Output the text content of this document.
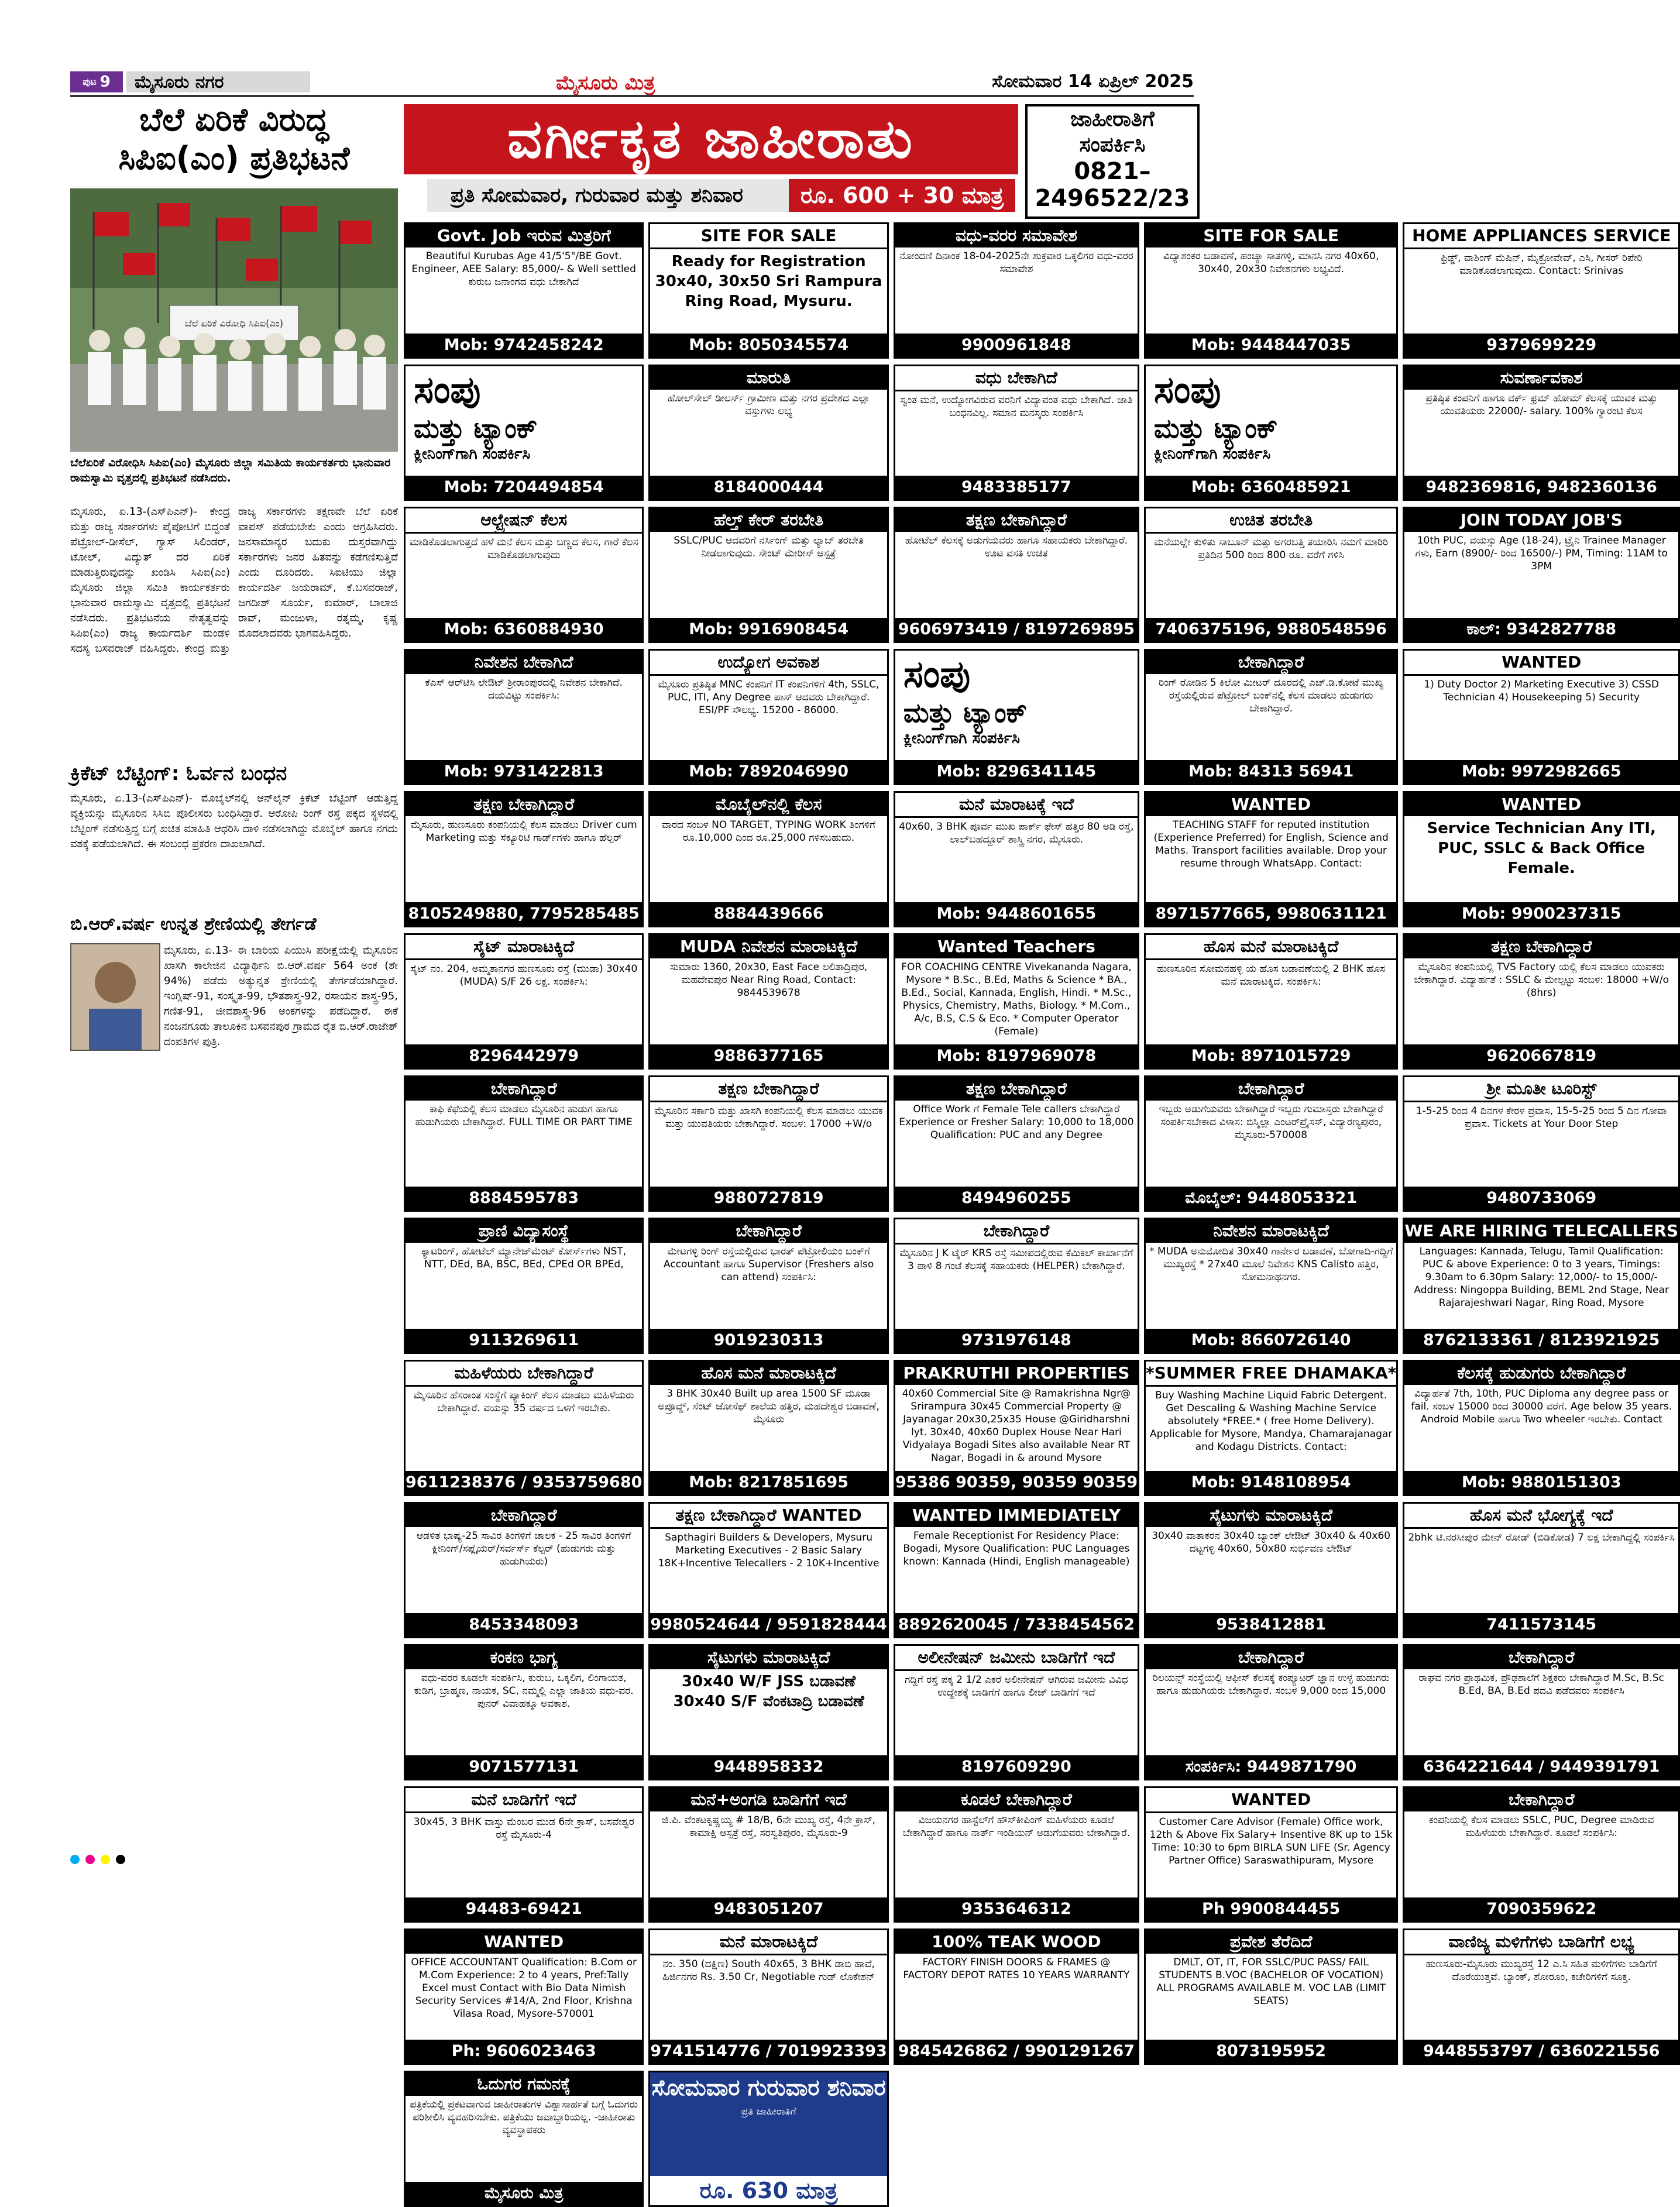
ಪುಟ 9	ಮೈಸೂರು ನಗರ	ಮೈಸೂರು ಮಿತ್ರ	ಸೋಮವಾರ 14 ಏಪ್ರಿಲ್ 2025
ಬೆಲೆ ಏರಿಕೆ ವಿರುದ್ಧ
ಸಿಪಿಐ(ಎಂ) ಪ್ರತಿಭಟನೆ
ಬೆಲೆ ಏರಿಕೆ ವಿರೋಧಿ ಸಿಪಿಐ(ಎಂ)
ಬೆಲೆಏರಿಕೆ ವಿರೋಧಿಸಿ ಸಿಪಿಐ(ಎಂ) ಮೈಸೂರು ಜಿಲ್ಲಾ ಸಮಿತಿಯ ಕಾರ್ಯಕರ್ತರು ಭಾನುವಾರ ರಾಮಸ್ವಾಮಿ ವೃತ್ತದಲ್ಲಿ ಪ್ರತಿಭಟನೆ ನಡೆಸಿದರು.
ಮೈಸೂರು, ಏ.13-(ಎಸ್‌ಪಿಎನ್)- ಕೇಂದ್ರ ಮತ್ತು ರಾಜ್ಯ ಸರ್ಕಾರಗಳು ಪೈಪೋಟಿಗೆ ಬಿದ್ದಂತೆ ಪೆಟ್ರೋಲ್-ಡೀಸೆಲ್, ಗ್ಯಾಸ್ ಸಿಲಿಂಡರ್, ಟೋಲ್, ವಿದ್ಯುತ್ ದರ ಏರಿಕೆ ಮಾಡುತ್ತಿರುವುದನ್ನು ಖಂಡಿಸಿ ಸಿಪಿಐ(ಎಂ) ಮೈಸೂರು ಜಿಲ್ಲಾ ಸಮಿತಿ ಕಾರ್ಯಕರ್ತರು ಭಾನುವಾರ ರಾಮಸ್ವಾಮಿ ವೃತ್ತದಲ್ಲಿ ಪ್ರತಿಭಟನೆ ನಡೆಸಿದರು. ಪ್ರತಿಭಟನೆಯ ನೇತೃತ್ವವನ್ನು ಸಿಪಿಐ(ಎಂ) ರಾಜ್ಯ ಕಾರ್ಯದರ್ಶಿ ಮಂಡಳಿ ಸದಸ್ಯ ಬಸವರಾಜ್ ವಹಿಸಿದ್ದರು. ಕೇಂದ್ರ ಮತ್ತು ರಾಜ್ಯ ಸರ್ಕಾರಗಳು ತಕ್ಷಣವೇ ಬೆಲೆ ಏರಿಕೆ ವಾಪಸ್ ಪಡೆಯಬೇಕು ಎಂದು ಆಗ್ರಹಿಸಿದರು. ಜನಸಾಮಾನ್ಯರ ಬದುಕು ದುಸ್ತರವಾಗಿದ್ದು ಸರ್ಕಾರಗಳು ಜನರ ಹಿತವನ್ನು ಕಡೆಗಣಿಸುತ್ತಿವೆ ಎಂದು ದೂರಿದರು. ಸಿಐಟಿಯು ಜಿಲ್ಲಾ ಕಾರ್ಯದರ್ಶಿ ಜಯರಾಮ್, ಕೆ.ಬಸವರಾಜ್, ಜಗದೀಶ್ ಸೂರ್ಯ, ಕುಮಾರ್, ಬಾಲಾಜಿ ರಾವ್, ಮಂಜುಳಾ, ರತ್ನಮ್ಮ, ಕೃಷ್ಣ ಮೊದಲಾದವರು ಭಾಗವಹಿಸಿದ್ದರು.
ಕ್ರಿಕೆಟ್ ಬೆಟ್ಟಿಂಗ್: ಓರ್ವನ ಬಂಧನ
ಮೈಸೂರು, ಏ.13-(ಎಸ್‌ಪಿಎನ್)- ಮೊಬೈಲ್‌ನಲ್ಲಿ ಆನ್‌ಲೈನ್ ಕ್ರಿಕೆಟ್ ಬೆಟ್ಟಿಂಗ್ ಆಡುತ್ತಿದ್ದ ವ್ಯಕ್ತಿಯನ್ನು ಮೈಸೂರಿನ ಸಿಸಿಬಿ ಪೊಲೀಸರು ಬಂಧಿಸಿದ್ದಾರೆ. ಆರೋಪಿ ರಿಂಗ್ ರಸ್ತೆ ಪಕ್ಕದ ಸ್ಥಳದಲ್ಲಿ ಬೆಟ್ಟಿಂಗ್ ನಡೆಸುತ್ತಿದ್ದ ಬಗ್ಗೆ ಖಚಿತ ಮಾಹಿತಿ ಆಧರಿಸಿ ದಾಳಿ ನಡೆಸಲಾಗಿದ್ದು ಮೊಬೈಲ್ ಹಾಗೂ ನಗದು ವಶಕ್ಕೆ ಪಡೆಯಲಾಗಿದೆ. ಈ ಸಂಬಂಧ ಪ್ರಕರಣ ದಾಖಲಾಗಿದೆ.
ಬಿ.ಆರ್.ವರ್ಷ ಉನ್ನತ ಶ್ರೇಣಿಯಲ್ಲಿ ತೇರ್ಗಡೆ
ಮೈಸೂರು, ಏ.13- ಈ ಬಾರಿಯ ಪಿಯುಸಿ ಪರೀಕ್ಷೆಯಲ್ಲಿ ಮೈಸೂರಿನ ಖಾಸಗಿ ಕಾಲೇಜಿನ ವಿದ್ಯಾರ್ಥಿನಿ ಬಿ.ಆರ್.ವರ್ಷ 564 ಅಂಕ (ಶೇ 94%) ಪಡೆದು ಅತ್ಯುನ್ನತ ಶ್ರೇಣಿಯಲ್ಲಿ ತೇರ್ಗಡೆಯಾಗಿದ್ದಾರೆ. ಇಂಗ್ಲಿಷ್-91, ಸಂಸ್ಕೃತ-99, ಭೌತಶಾಸ್ತ್ರ-92, ರಸಾಯನ ಶಾಸ್ತ್ರ-95, ಗಣಿತ-91, ಜೀವಶಾಸ್ತ್ರ-96 ಅಂಕಗಳನ್ನು ಪಡೆದಿದ್ದಾರೆ. ಈಕೆ ನಂಜನಗೂಡು ತಾಲೂಕಿನ ಬಸವನಪುರ ಗ್ರಾಮದ ರೈತ ಬಿ.ಆರ್.ರಾಜೇಶ್ ದಂಪತಿಗಳ ಪುತ್ರಿ.
ವರ್ಗೀಕೃತ ಜಾಹೀರಾತು
ಪ್ರತಿ ಸೋಮವಾರ, ಗುರುವಾರ ಮತ್ತು ಶನಿವಾರ	ರೂ. 600 + 30 ಮಾತ್ರ
ಜಾಹೀರಾತಿಗೆ
ಸಂಪರ್ಕಿಸಿ
0821–
2496522/23
Govt. Job ಇರುವ ಮಿತ್ರರಿಗೆ
Beautiful Kurubas Age 41/5'5"/BE Govt. Engineer, AEE Salary: 85,000/- & Well settled ಕುರುಬ ಜನಾಂಗದ ವಧು ಬೇಕಾಗಿದೆ
Mob: 9742458242
SITE FOR SALE
Ready for Registration 30x40, 30x50 Sri Rampura Ring Road, Mysuru.
Mob: 8050345574
ವಧು-ವರರ ಸಮಾವೇಶ
ನೋಂದಣಿ ದಿನಾಂಕ 18-04-2025ನೇ ಶುಕ್ರವಾರ ಒಕ್ಕಲಿಗರ ವಧು-ವರರ ಸಮಾವೇಶ
9900961848
SITE FOR SALE
ವಿದ್ಯಾಶಂಕರ ಬಡಾವಣೆ, ಹಂಚ್ಯಾ ಸಾತಗಳ್ಳಿ, ಮಾನಸಿ ನಗರ 40x60, 30x40, 20x30 ನಿವೇಶನಗಳು ಲಭ್ಯವಿದೆ.
Mob: 9448447035
HOME APPLIANCES SERVICE
ಫ್ರಿಡ್ಜ್, ವಾಶಿಂಗ್ ಮೆಷಿನ್, ಮೈಕ್ರೋವೇವ್, ಎಸಿ, ಗೀಸರ್ ರಿಪೇರಿ ಮಾಡಿಕೊಡಲಾಗುವುದು. Contact: Srinivas
9379699229
ಸಂಪು
ಮತ್ತು ಟ್ಯಾಂಕ್
ಕ್ಲೀನಿಂಗ್‌ಗಾಗಿ ಸಂಪರ್ಕಿಸಿ
Mob: 7204494854
ಮಾರುತಿ
ಹೋಲ್‌ಸೇಲ್ ಡೀಲರ್ಸ್ ಗ್ರಾಮೀಣ ಮತ್ತು ನಗರ ಪ್ರದೇಶದ ಎಲ್ಲಾ ವಸ್ತುಗಳು ಲಭ್ಯ
8184000444
ವಧು ಬೇಕಾಗಿದೆ
ಸ್ವಂತ ಮನೆ, ಉದ್ಯೋಗವಿರುವ ವರನಿಗೆ ವಿದ್ಯಾವಂತ ವಧು ಬೇಕಾಗಿದೆ. ಜಾತಿ ಬಂಧನವಿಲ್ಲ. ಸಮಾನ ಮನಸ್ಕರು ಸಂಪರ್ಕಿಸಿ
9483385177
ಸಂಪು
ಮತ್ತು ಟ್ಯಾಂಕ್
ಕ್ಲೀನಿಂಗ್‌ಗಾಗಿ ಸಂಪರ್ಕಿಸಿ
Mob: 6360485921
ಸುವರ್ಣಾವಕಾಶ
ಪ್ರತಿಷ್ಠಿತ ಕಂಪನಿಗೆ ಹಾಗೂ ವರ್ಕ್ ಫ್ರಮ್ ಹೋಮ್ ಕೆಲಸಕ್ಕೆ ಯುವಕ ಮತ್ತು ಯುವತಿಯರು 22000/- salary. 100% ಗ್ಯಾರಂಟಿ ಕೆಲಸ
9482369816, 9482360136
ಆಲ್ಟ್ರೇಷನ್ ಕೆಲಸ
ಮಾಡಿಕೊಡಲಾಗುತ್ತದೆ ಹಳೆ ಮನೆ ಕೆಲಸ ಮತ್ತು ಬಣ್ಣದ ಕೆಲಸ, ಗಾರೆ ಕೆಲಸ ಮಾಡಿಕೊಡಲಾಗುವುದು
Mob: 6360884930
ಹೆಲ್ತ್ ಕೇರ್ ತರಬೇತಿ
SSLC/PUC ಆದವರಿಗೆ ನರ್ಸಿಂಗ್ ಮತ್ತು ಲ್ಯಾಬ್ ತರಬೇತಿ ನೀಡಲಾಗುವುದು. ಸೇಂಟ್ ಮೇರೀಸ್ ಆಸ್ಪತ್ರೆ
Mob: 9916908454
ತಕ್ಷಣ ಬೇಕಾಗಿದ್ದಾರೆ
ಹೋಟೆಲ್ ಕೆಲಸಕ್ಕೆ ಅಡುಗೆಯವರು ಹಾಗೂ ಸಹಾಯಕರು ಬೇಕಾಗಿದ್ದಾರೆ. ಊಟ ವಸತಿ ಉಚಿತ
9606973419 / 8197269895
ಉಚಿತ ತರಬೇತಿ
ಮನೆಯಲ್ಲೇ ಕುಳಿತು ಸಾಬೂನ್ ಮತ್ತು ಅಗರಬತ್ತಿ ತಯಾರಿಸಿ ನಮಗೆ ಮಾರಿರಿ ಪ್ರತಿದಿನ 500 ರಿಂದ 800 ರೂ. ವರೆಗೆ ಗಳಿಸಿ
7406375196, 9880548596
JOIN TODAY JOB'S
10th PUC, ವಯಸ್ಸು Age (18-24), ಟ್ರೈನಿ Trainee Manager ಗಳು, Earn (8900/- ರಿಂದ 16500/-) PM, Timing: 11AM to 3PM
ಕಾಲ್: 9342827788
ನಿವೇಶನ ಬೇಕಾಗಿದೆ
ಕೆಎಸ್ ಆರ್‌ಟಿಸಿ ಲೇಔಟ್ ಶ್ರೀರಾಂಪುರದಲ್ಲಿ ನಿವೇಶನ ಬೇಕಾಗಿದೆ. ದಯವಿಟ್ಟು ಸಂಪರ್ಕಿಸಿ:
Mob: 9731422813
ಉದ್ಯೋಗ ಅವಕಾಶ
ಮೈಸೂರು ಪ್ರತಿಷ್ಠಿತ MNC ಕಂಪನಿಗೆ IT ಕಂಪನಿಗಳಿಗೆ 4th, SSLC, PUC, ITI, Any Degree ಪಾಸ್ ಆದವರು ಬೇಕಾಗಿದ್ದಾರೆ. ESI/PF ಸೌಲಭ್ಯ. 15200 - 86000.
Mob: 7892046990
ಸಂಪು
ಮತ್ತು ಟ್ಯಾಂಕ್
ಕ್ಲೀನಿಂಗ್‌ಗಾಗಿ ಸಂಪರ್ಕಿಸಿ
Mob: 8296341145
ಬೇಕಾಗಿದ್ದಾರೆ
ರಿಂಗ್ ರೋಡಿನ 5 ಕಿಲೋ ಮೀಟರ್ ದೂರದಲ್ಲಿ ಎಚ್.ಡಿ.ಕೋಟೆ ಮುಖ್ಯ ರಸ್ತೆಯಲ್ಲಿರುವ ಪೆಟ್ರೋಲ್ ಬಂಕ್‌ನಲ್ಲಿ ಕೆಲಸ ಮಾಡಲು ಹುಡುಗರು ಬೇಕಾಗಿದ್ದಾರೆ.
Mob: 84313 56941
WANTED
1) Duty Doctor 2) Marketing Executive 3) CSSD Technician 4) Housekeeping 5) Security
Mob: 9972982665
ತಕ್ಷಣ ಬೇಕಾಗಿದ್ದಾರೆ
ಮೈಸೂರು, ಹುಣಸೂರು ಕಂಪನಿಯಲ್ಲಿ ಕೆಲಸ ಮಾಡಲು Driver cum Marketing ಮತ್ತು ಸೆಕ್ಯೂರಿಟಿ ಗಾರ್ಡ್‌ಗಳು ಹಾಗೂ ಹೆಲ್ಪರ್
8105249880, 7795285485
ಮೊಬೈಲ್‌ನಲ್ಲಿ ಕೆಲಸ
ವಾರದ ಸಂಬಳ NO TARGET, TYPING WORK ತಿಂಗಳಿಗೆ ರೂ.10,000 ದಿಂದ ರೂ.25,000 ಗಳಿಸಬಹುದು.
8884439666
ಮನೆ ಮಾರಾಟಕ್ಕೆ ಇದೆ
40x60, 3 BHK ಪೂರ್ವ ಮುಖ ಪಾರ್ಕ್ ಫೇಸ್ ಹತ್ತಿರ 80 ಅಡಿ ರಸ್ತೆ, ಲಾಲ್‌ಬಹದ್ದೂರ್ ಶಾಸ್ತ್ರಿ ನಗರ, ಮೈಸೂರು.
Mob: 9448601655
WANTED
TEACHING STAFF for reputed institution (Experience Preferred) for English, Science and Maths. Transport facilities available. Drop your resume through WhatsApp. Contact:
8971577665, 9980631121
WANTED
Service Technician Any ITI, PUC, SSLC & Back Office Female.
Mob: 9900237315
ಸೈಟ್ ಮಾರಾಟಕ್ಕಿದೆ
ಸೈಟ್ ನಂ. 204, ಅಮ್ಮತಾನಗರ ಹುಣಸೂರು ರಸ್ತೆ (ಮುಡಾ) 30x40 (MUDA) S/F 26 ಲಕ್ಷ. ಸಂಪರ್ಕಿಸಿ:
8296442979
MUDA ನಿವೇಶನ ಮಾರಾಟಕ್ಕಿದೆ
ಸುಮಾರು 1360, 20x30, East Face ಲಲಿತಾದ್ರಿಪುರ, ಮಹದೇವಪುರ Near Ring Road, Contact: 9844539678
9886377165
Wanted Teachers
FOR COACHING CENTRE Vivekananda Nagara, Mysore * B.Sc., B.Ed, Maths & Science * BA., B.Ed., Social, Kannada, English, Hindi. * M.Sc., Physics, Chemistry, Maths, Biology. * M.Com., A/c, B.S, C.S & Eco. * Computer Operator (Female)
Mob: 8197969078
ಹೊಸ ಮನೆ ಮಾರಾಟಕ್ಕಿದೆ
ಹುಣಸೂರಿನ ಸೋಮನಹಳ್ಳಿ ಯ ಹೊಸ ಬಡಾವಣೆಯಲ್ಲಿ 2 BHK ಹೊಸ ಮನೆ ಮಾರಾಟಕ್ಕಿದೆ. ಸಂಪರ್ಕಿಸಿ:
Mob: 8971015729
ತಕ್ಷಣ ಬೇಕಾಗಿದ್ದಾರೆ
ಮೈಸೂರಿನ ಕಂಪನಿಯಲ್ಲಿ TVS Factory ಯಲ್ಲಿ ಕೆಲಸ ಮಾಡಲು ಯುವಕರು ಬೇಕಾಗಿದ್ದಾರೆ. ವಿದ್ಯಾರ್ಹತೆ : SSLC & ಮೇಲ್ಪಟ್ಟು ಸಂಬಳ: 18000 +W/o (8hrs)
9620667819
ಬೇಕಾಗಿದ್ದಾರೆ
ಕಾಫಿ ಕೆಫೆಯಲ್ಲಿ ಕೆಲಸ ಮಾಡಲು ಮೈಸೂರಿನ ಹುಡುಗ ಹಾಗೂ ಹುಡುಗಿಯರು ಬೇಕಾಗಿದ್ದಾರೆ. FULL TIME OR PART TIME
8884595783
ತಕ್ಷಣ ಬೇಕಾಗಿದ್ದಾರೆ
ಮೈಸೂರಿನ ಸರ್ಕಾರಿ ಮತ್ತು ಖಾಸಗಿ ಕಂಪನಿಯಲ್ಲಿ ಕೆಲಸ ಮಾಡಲು ಯುವಕ ಮತ್ತು ಯುವತಿಯರು ಬೇಕಾಗಿದ್ದಾರೆ. ಸಂಬಳ: 17000 +W/o
9880727819
ತಕ್ಷಣ ಬೇಕಾಗಿದ್ದಾರೆ
Office Work ಗೆ Female Tele callers ಬೇಕಾಗಿದ್ದಾರೆ Experience or Fresher Salary: 10,000 to 18,000 Qualification: PUC and any Degree
8494960255
ಬೇಕಾಗಿದ್ದಾರೆ
ಇಬ್ಬರು ಅಡುಗೆಯವರು ಬೇಕಾಗಿದ್ದಾರೆ ಇಬ್ಬರು ಗುಮಾಸ್ತರು ಬೇಕಾಗಿದ್ದಾರೆ ಸಂಪರ್ಕಿಸಬೇಕಾದ ವಿಳಾಸ: ಬಿಸ್ಮಿಲ್ಲಾ ಎಂಟರ್‌ಪ್ರೈಸಸ್, ವಿದ್ಯಾರಣ್ಯಪುರಂ, ಮೈಸೂರು-570008
ಮೊಬೈಲ್: 9448053321
ಶ್ರೀ ಮೂತೀ ಟೂರಿಸ್ಟ್
1-5-25 ರಿಂದ 4 ದಿನಗಳ ಕೇರಳ ಪ್ರವಾಸ, 15-5-25 ರಿಂದ 5 ದಿನ ಗೋವಾ ಪ್ರವಾಸ. Tickets at Your Door Step
9480733069
ಪ್ರಾಣಿ ವಿದ್ಯಾಸಂಸ್ಥೆ
ಕ್ಯಾಟರಿಂಗ್, ಹೋಟೆಲ್ ಮ್ಯಾನೇಜ್‌ಮೆಂಟ್ ಕೋರ್ಸ್‌ಗಳು NST, NTT, DEd, BA, BSC, BEd, CPEd OR BPEd,
9113269611
ಬೇಕಾಗಿದ್ದಾರೆ
ಮೇಟಗಳ್ಳಿ ರಿಂಗ್ ರಸ್ತೆಯಲ್ಲಿರುವ ಭಾರತ್ ಪೆಟ್ರೋಲಿಯಂ ಬಂಕ್‌ಗೆ Accountant ಹಾಗೂ Supervisor (Freshers also can attend) ಸಂಪರ್ಕಿಸಿ:
9019230313
ಬೇಕಾಗಿದ್ದಾರೆ
ಮೈಸೂರಿನ J K ಟೈರ್ KRS ರಸ್ತೆ ಸಮೀಪದಲ್ಲಿರುವ ಕೆಮಿಕಲ್ ಕಾರ್ಖಾನೆಗೆ 3 ಪಾಳಿ 8 ಗಂಟೆ ಕೆಲಸಕ್ಕೆ ಸಹಾಯಕರು (HELPER) ಬೇಕಾಗಿದ್ದಾರೆ.
9731976148
ನಿವೇಶನ ಮಾರಾಟಕ್ಕಿದೆ
* MUDA ಅನುಮೋದಿತ 30x40 ಗಾರ್ನೇರ ಬಡಾವಣೆ, ಬೋಗಾದಿ-ಗದ್ದಿಗೆ ಮುಖ್ಯರಸ್ತೆ * 27x40 ಮೂಲೆ ನಿವೇಶನ KNS Calisto ಹತ್ತಿರ, ಸೋಮನಾಥನಗರ.
Mob: 8660726140
WE ARE HIRING TELECALLERS
Languages: Kannada, Telugu, Tamil Qualification: PUC & above Experience: 0 to 3 years, Timings: 9.30am to 6.30pm Salary: 12,000/- to 15,000/- Address: Ningoppa Building, BEML 2nd Stage, Near Rajarajeshwari Nagar, Ring Road, Mysore
8762133361 / 8123921925
ಮಹಿಳೆಯರು ಬೇಕಾಗಿದ್ದಾರೆ
ಮೈಸೂರಿನ ಹೆಸರಾಂತ ಸಂಸ್ಥೆಗೆ ಪ್ಯಾಕಿಂಗ್ ಕೆಲಸ ಮಾಡಲು ಮಹಿಳೆಯರು ಬೇಕಾಗಿದ್ದಾರೆ. ವಯಸ್ಸು 35 ವರ್ಷದ ಒಳಗೆ ಇರಬೇಕು.
9611238376 / 9353759680
ಹೊಸ ಮನೆ ಮಾರಾಟಕ್ಕಿದೆ
3 BHK 30x40 Built up area 1500 SF ಮೂಡಾ ಅಪ್ರೂವ್ಡ್, ಸೆಂಟ್ ಜೋಸೆಫ್ ಶಾಲೆಯ ಹತ್ತಿರ, ಮಹದೇಶ್ವರ ಬಡಾವಣೆ, ಮೈಸೂರು
Mob: 8217851695
PRAKRUTHI PROPERTIES
40x60 Commercial Site @ Ramakrishna Ngr@ Srirampura 30x45 Commercial Property @ Jayanagar 20x30,25x35 House @Giridharshni lyt. 30x40, 40x60 Duplex House Near Hari Vidyalaya Bogadi Sites also available Near RT Nagar, Bogadi in & around Mysore
95386 90359, 90359 90359
*SUMMER FREE DHAMAKA*
Buy Washing Machine Liquid Fabric Detergent. Get Descaling & Washing Machine Service absolutely *FREE.* ( free Home Delivery). Applicable for Mysore, Mandya, Chamarajanagar and Kodagu Districts. Contact:
Mob: 9148108954
ಕೆಲಸಕ್ಕೆ ಹುಡುಗರು ಬೇಕಾಗಿದ್ದಾರೆ
ವಿದ್ಯಾರ್ಹತೆ 7th, 10th, PUC Diploma any degree pass or fail. ಸಂಬಳ 15000 ರಿಂದ 30000 ವರೆಗೆ. Age below 35 years. Android Mobile ಹಾಗೂ Two wheeler ಇರಬೇಕು. Contact
Mob: 9880151303
ಬೇಕಾಗಿದ್ದಾರೆ
ಆಡಳಿತ ಭಾಷ್ಯ-25 ಸಾವಿರ ತಿಂಗಳಿಗೆ ಚಾಲಕ - 25 ಸಾವಿರ ತಿಂಗಳಿಗೆ ಕ್ಲೀನಿಂಗ್/ಸಪ್ಲೈಯರ್/ಸರ್ವರ್ಸ್ ಕೆಲ್ಪರ್ (ಹುಡುಗರು ಮತ್ತು ಹುಡುಗಿಯರು)
8453348093
ತಕ್ಷಣ ಬೇಕಾಗಿದ್ದಾರೆ WANTED
Sapthagiri Builders & Developers, Mysuru Marketing Executives - 2 Basic Salary 18K+Incentive Telecallers - 2 10K+Incentive
9980524644 / 9591828444
WANTED IMMEDIATELY
Female Receptionist For Residency Place: Bogadi, Mysore Qualification: PUC Languages known: Kannada (Hindi, English manageable)
8892620045 / 7338454562
ಸೈಟುಗಳು ಮಾರಾಟಕ್ಕಿದೆ
30x40 ವಾತಾಕರನ 30x40 ಬ್ಯಾಂಕ್ ಲೇಔಟ್ 30x40 & 40x60 ದಟ್ಟಗಳ್ಳಿ 40x60, 50x80 ಸುರ್ಭಿವಣ ಲೇಔಟ್
9538412881
ಹೊಸ ಮನೆ ಭೋಗ್ಯಕ್ಕೆ ಇದೆ
2bhk ಟಿ.ನರಸೀಪುರ ಮೇನ್ ರೋಡ್ (ಬಿಡಿಕೋಡ) 7 ಲಕ್ಷ ಬೇಕಾಗಿದ್ದಲ್ಲಿ ಸಂಪರ್ಕಿಸಿ
7411573145
ಕಂಕಣ ಭಾಗ್ಯ
ವಧು-ವರರ ಕೂಡಲೇ ಸಂಪರ್ಕಿಸಿ, ಕುರುಬ, ಒಕ್ಕಲಿಗ, ಲಿಂಗಾಯತ, ಕುಡಿಗ, ಬ್ರಾಹ್ಮಣ, ನಾಯಕ, SC, ನಮ್ಮಲ್ಲಿ ಎಲ್ಲಾ ಜಾತಿಯ ವಧು-ವರ. ಪುನರ್ ವಿವಾಹಕ್ಕೂ ಅವಕಾಶ.
9071577131
ಸೈಟುಗಳು ಮಾರಾಟಕ್ಕಿದೆ
30x40 W/F JSS ಬಡಾವಣೆ 30x40 S/F ವೆಂಕಟಾದ್ರಿ ಬಡಾವಣೆ
9448958332
ಅಲೀನೇಷನ್ ಜಮೀನು ಬಾಡಿಗೆಗೆ ಇದೆ
ಗದ್ದಿಗೆ ರಸ್ತೆ ಪಕ್ಕ 2 1/2 ಎಕರೆ ಅಲೀನೇಷನ್ ಆಗಿರುವ ಜಮೀನು ವಿವಿಧ ಉದ್ದೇಶಕ್ಕೆ ಬಾಡಿಗೆಗೆ ಹಾಗೂ ಲೀಜ್ ಬಾಡಿಗೆಗೆ ಇದೆ
8197609290
ಬೇಕಾಗಿದ್ದಾರೆ
ರಿಲಯನ್ಸ್ ಸಂಸ್ಥೆಯಲ್ಲಿ ಆಫೀಸ್ ಕೆಲಸಕ್ಕೆ ಕಂಪ್ಯೂಟರ್ ಜ್ಞಾನ ಉಳ್ಳ ಹುಡುಗರು ಹಾಗೂ ಹುಡುಗಿಯರು ಬೇಕಾಗಿದ್ದಾರೆ. ಸಂಬಳ 9,000 ರಿಂದ 15,000
ಸಂಪರ್ಕಿಸಿ: 9449871790
ಬೇಕಾಗಿದ್ದಾರೆ
ರಾಘವ ನಗರ ಪ್ರಾಥಮಿಕ, ಪ್ರೌಢಶಾಲೆಗೆ ಶಿಕ್ಷಕರು ಬೇಕಾಗಿದ್ದಾರೆ M.Sc, B.Sc B.Ed, BA, B.Ed ಪದವಿ ಪಡೆದವರು ಸಂಪರ್ಕಿಸಿ
6364221644 / 9449391791
ಮನೆ ಬಾಡಿಗೆಗೆ ಇದೆ
30x45, 3 BHK ವಾಸ್ತು ಮೆಂಬರ ಮುಡ 6ನೇ ಕ್ರಾಸ್, ಬಸವೇಶ್ವರ ರಸ್ತೆ ಮೈಸೂರು-4
94483-69421
ಮನೆ+ಅಂಗಡಿ ಬಾಡಿಗೆಗೆ ಇದೆ
ಜಿ.ಪಿ. ವೆಂಕಟಕೃಷ್ಣಯ್ಯ # 18/B, 6ನೇ ಮುಖ್ಯ ರಸ್ತೆ, 4ನೇ ಕ್ರಾಸ್, ಕಾಮಾಕ್ಷಿ ಆಸ್ಪತ್ರೆ ರಸ್ತೆ, ಸರಸ್ವತಿಪುರಂ, ಮೈಸೂರು-9
9483051207
ಕೂಡಲೆ ಬೇಕಾಗಿದ್ದಾರೆ
ವಿಜಯನಗರ ಹಾಸ್ಟೆಲ್‌ಗೆ ಹೌಸ್‌ಕೀಪಿಂಗ್ ಮಹಿಳೆಯರು ಕೂಡಲೆ ಬೇಕಾಗಿದ್ದಾರೆ ಹಾಗೂ ನಾರ್ತ್ ಇಂಡಿಯನ್ ಅಡುಗೆಯವರು ಬೇಕಾಗಿದ್ದಾರೆ.
9353646312
WANTED
Customer Care Advisor (Female) Office work, 12th & Above Fix Salary+ Insentive 8K up to 15k Time: 10:30 to 6pm BIRLA SUN LIFE (Sr. Agency Partner Office) Saraswathipuram, Mysore
Ph 9900844455
ಬೇಕಾಗಿದ್ದಾರೆ
ಕಂಪನಿಯಲ್ಲಿ ಕೆಲಸ ಮಾಡಲು SSLC, PUC, Degree ಮಾಡಿರುವ ಮಹಿಳೆಯರು ಬೇಕಾಗಿದ್ದಾರೆ. ಕೂಡಲೆ ಸಂಪರ್ಕಿಸಿ:
7090359622
WANTED
OFFICE ACCOUNTANT Qualification: B.Com or M.Com Experience: 2 to 4 years, Pref:Tally Excel must Contact with Bio Data Nimish Security Services #14/A, 2nd Floor, Krishna Vilasa Road, Mysore-570001
Ph: 9606023463
ಮನೆ ಮಾರಾಟಕ್ಕಿದೆ
ನಂ. 350 (ದಕ್ಷಿಣ) South 40x65, 3 BHK ಡಾಬಿ ಹಾವೆ, ಹಿರ್ಜಿನಗರ Rs. 3.50 Cr, Negotiable ಗುಡ್ ಲೊಕೇಶನ್
9741514776 / 7019923393
100% TEAK WOOD
FACTORY FINISH DOORS & FRAMES @ FACTORY DEPOT RATES 10 YEARS WARRANTY
9845426862 / 9901291267
ಪ್ರವೇಶ ತೆರೆದಿದೆ
DMLT, OT, IT, FOR SSLC/PUC PASS/ FAIL STUDENTS B.VOC (BACHELOR OF VOCATION) ALL PROGRAMS AVAILABLE M. VOC LAB (LIMIT SEATS)
8073195952
ವಾಣಿಜ್ಯ ಮಳಿಗೆಗಳು ಬಾಡಿಗೆಗೆ ಲಭ್ಯ
ಹುಣಸೂರು-ಮೈಸೂರು ಮುಖ್ಯರಸ್ತೆ 12 ಎ.ಸಿ ಸಹಿತ ಮಳಿಗೆಗಳು ಬಾಡಿಗೆಗೆ ದೊರೆಯುತ್ತವೆ. ಬ್ಯಾಂಕ್, ಶೋರೂಂ, ಕಚೇರಿಗಳಿಗೆ ಸೂಕ್ತ.
9448553797 / 6360221556
ಓದುಗರ ಗಮನಕ್ಕೆ
ಪತ್ರಿಕೆಯಲ್ಲಿ ಪ್ರಕಟವಾಗುವ ಜಾಹೀರಾತುಗಳ ವಿಶ್ವಾಸಾರ್ಹತೆ ಬಗ್ಗೆ ಓದುಗರು ಪರಿಶೀಲಿಸಿ ವ್ಯವಹರಿಸಬೇಕು. ಪತ್ರಿಕೆಯು ಜವಾಬ್ದಾರಿಯಲ್ಲ. -ಜಾಹೀರಾತು ವ್ಯವಸ್ಥಾಪಕರು
ಮೈಸೂರು ಮಿತ್ರ
ಸೋಮವಾರ ಗುರುವಾರ ಶನಿವಾರ
ಪ್ರತಿ ಜಾಹೀರಾತಿಗೆ
ರೂ. 630 ಮಾತ್ರ
